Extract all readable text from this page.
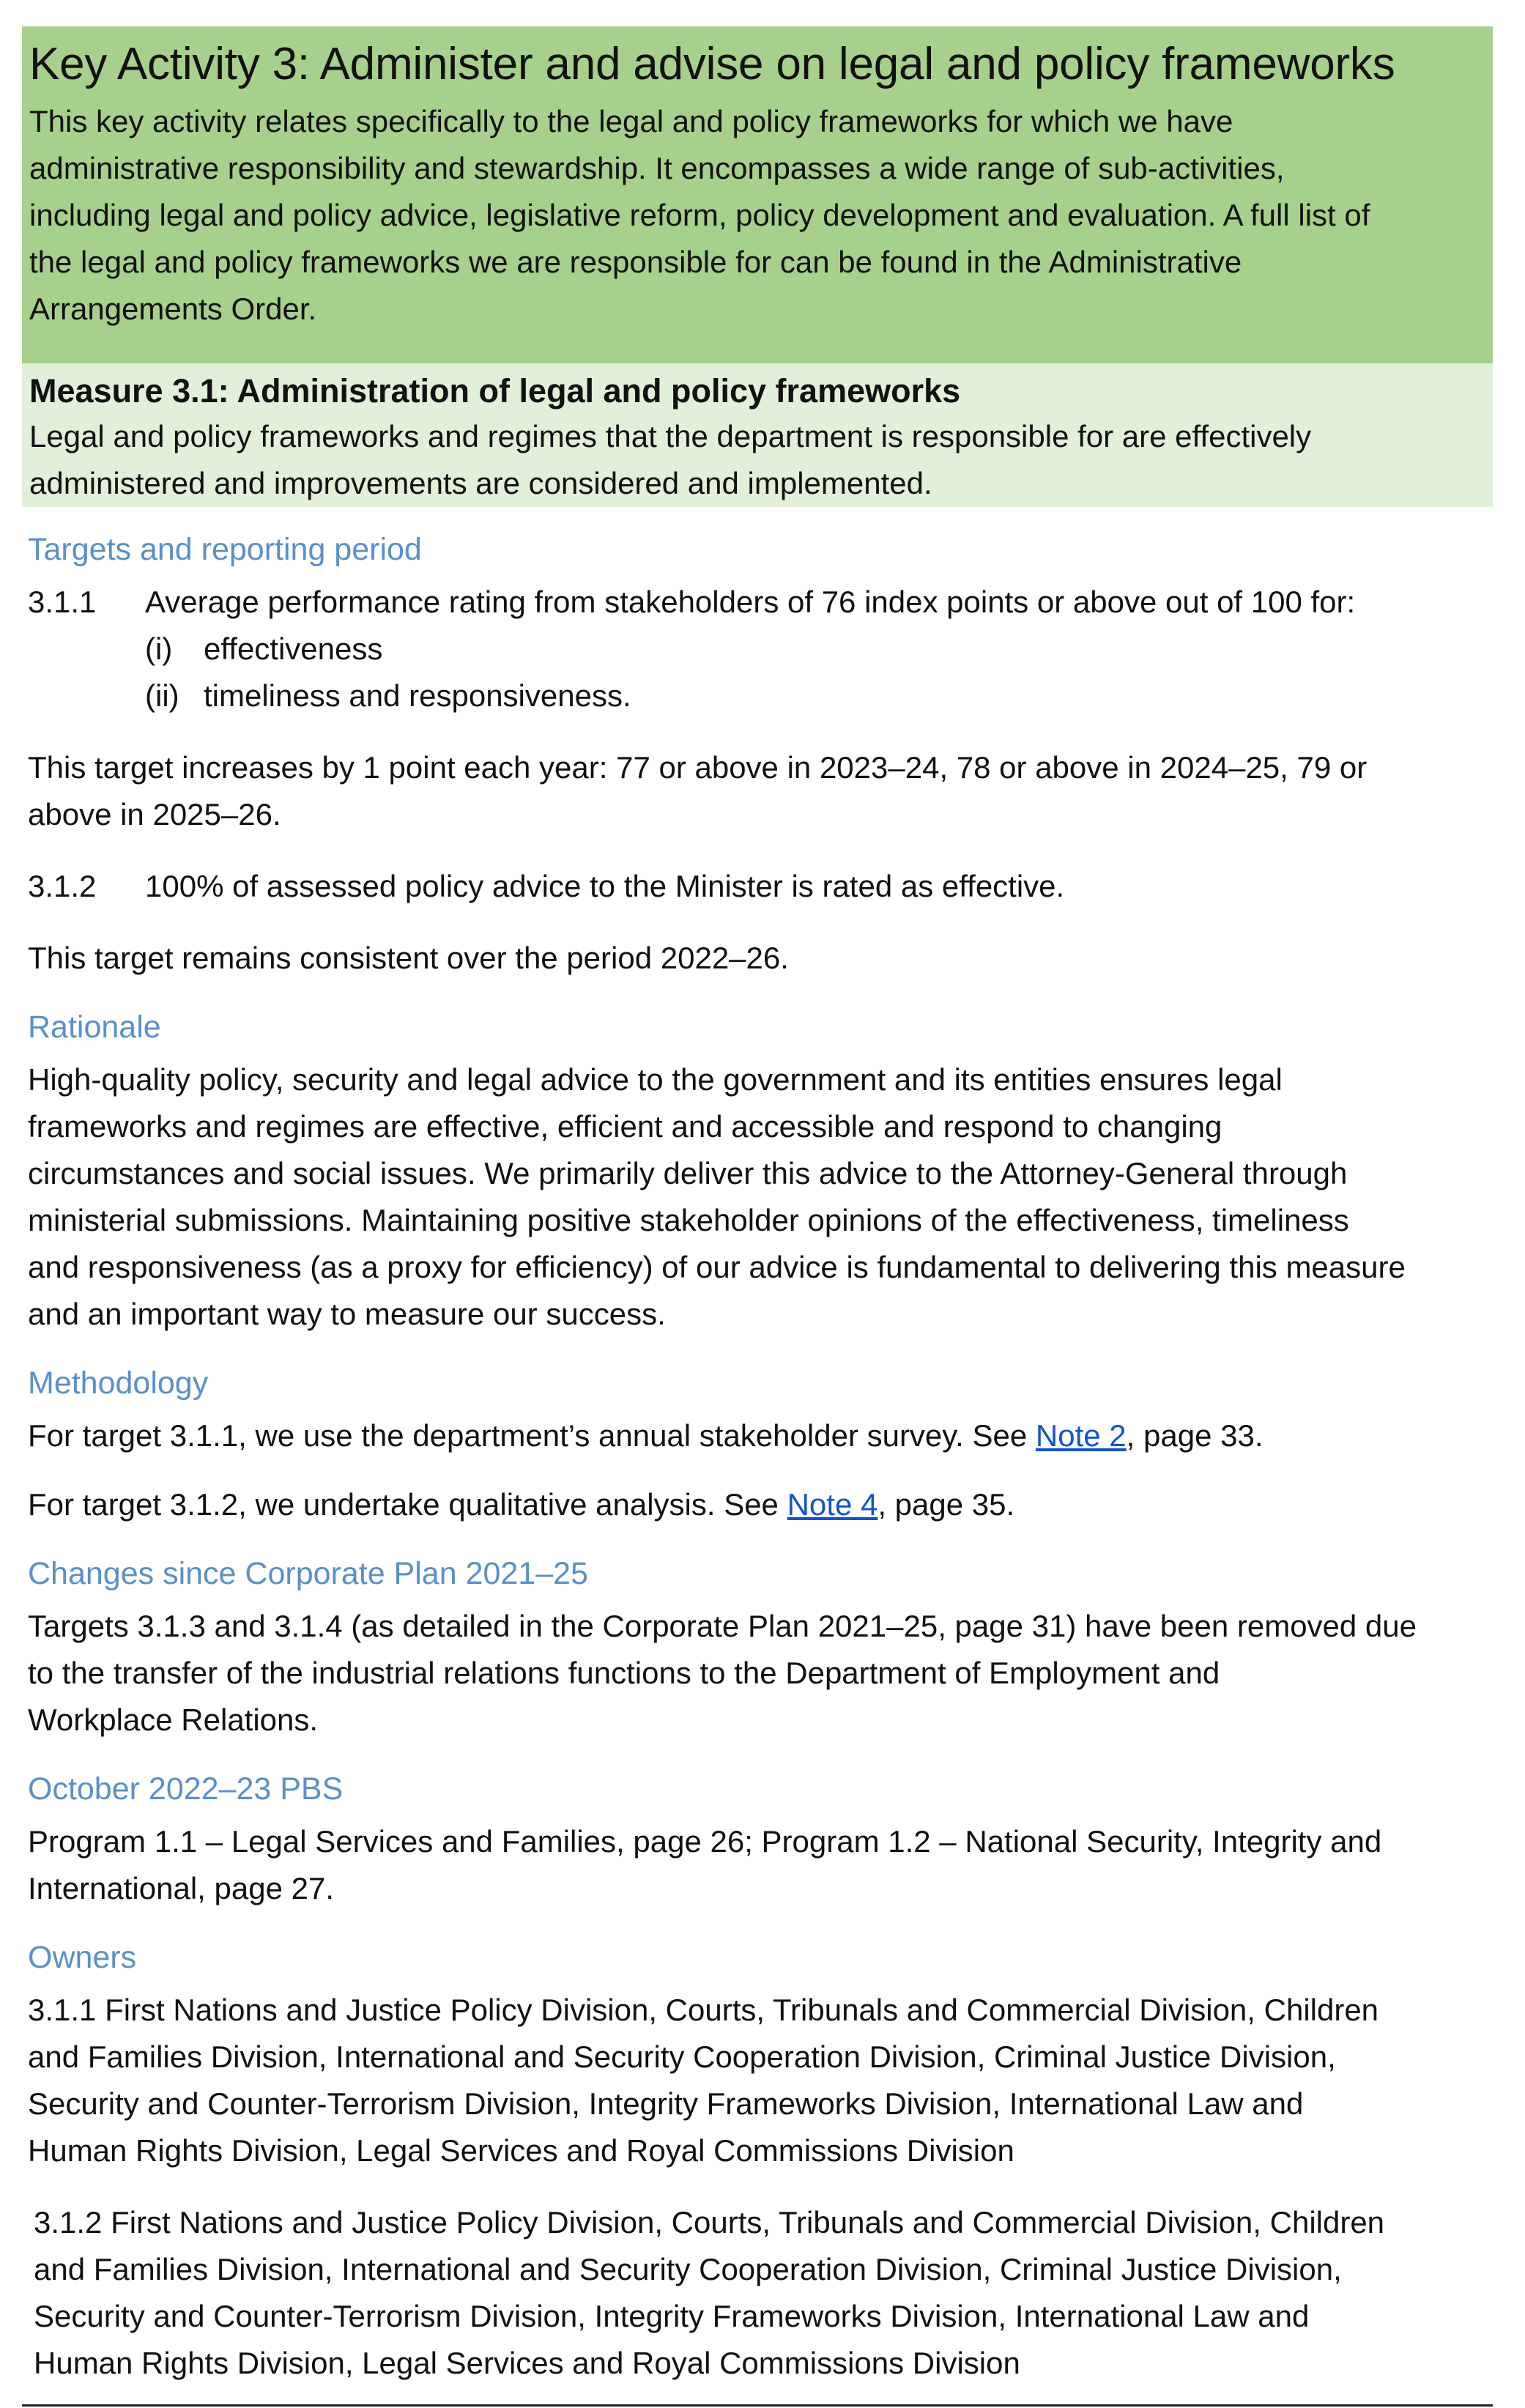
Key Activity 3: Administer and advise on legal and policy frameworks

This key activity relates specifically to the legal and policy frameworks for which we have

administrative responsibility and stewardship. It encompasses a wide range of sub-activities,

including legal and policy advice, legislative reform, policy development and evaluation. A full list of

the legal and policy frameworks we are responsible for can be found in the Administrative

Arrangements Order.

Measure 3.1: Administration of legal and policy frameworks

Legal and policy frameworks and regimes that the department is responsible for are effectively

administered and improvements are considered and implemented.

Targets and reporting period
3.1.1	Average performance rating from stakeholders of 76 index points or above out of 100 for:
(i)	effectiveness
(ii) timeliness and responsiveness.

This target increases by 1 point each year: 77 or above in 2023–24, 78 or above in 2024–25, 79 or

above in 2025–26.

3.1.2	100% of assessed policy advice to the Minister is rated as effective.

This target remains consistent over the period 2022–26.

Rationale

High-quality policy, security and legal advice to the government and its entities ensures legal

frameworks and regimes are effective, efficient and accessible and respond to changing

circumstances and social issues. We primarily deliver this advice to the Attorney-General through

ministerial submissions. Maintaining positive stakeholder opinions of the effectiveness, timeliness

and responsiveness (as a proxy for efficiency) of our advice is fundamental to delivering this measure

and an important way to measure our success.

Methodology

For target 3.1.1, we use the department’s annual stakeholder survey. See Note 2, page 33.

For target 3.1.2, we undertake qualitative analysis. See Note 4, page 35.

Changes since Corporate Plan 2021–25

Targets 3.1.3 and 3.1.4 (as detailed in the Corporate Plan 2021–25, page 31) have been removed due

to the transfer of the industrial relations functions to the Department of Employment and

Workplace Relations.

October 2022–23 PBS

Program 1.1 – Legal Services and Families, page 26; Program 1.2 – National Security, Integrity and

International, page 27.

Owners

3.1.1 First Nations and Justice Policy Division, Courts, Tribunals and Commercial Division, Children

and Families Division, International and Security Cooperation Division, Criminal Justice Division,

Security and Counter-Terrorism Division, Integrity Frameworks Division, International Law and

Human Rights Division, Legal Services and Royal Commissions Division

3.1.2 First Nations and Justice Policy Division, Courts, Tribunals and Commercial Division, Children

and Families Division, International and Security Cooperation Division, Criminal Justice Division,

Security and Counter-Terrorism Division, Integrity Frameworks Division, International Law and

Human Rights Division, Legal Services and Royal Commissions Division
